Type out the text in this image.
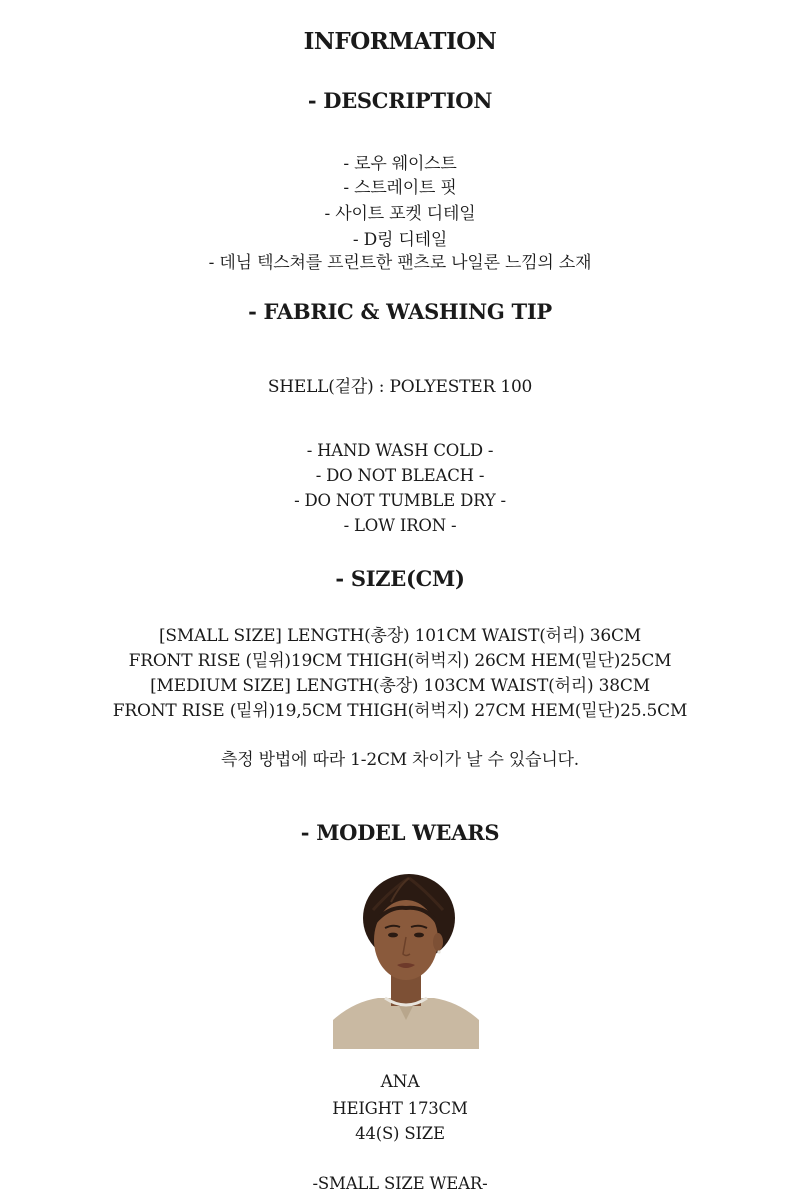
INFORMATION
- DESCRIPTION
- 로우 웨이스트
- 스트레이트 핏
- 사이트 포켓 디테일
- D링 디테일
- 데님 텍스쳐를 프린트한 팬츠로 나일론 느낌의 소재
- FABRIC & WASHING TIP
SHELL(겉감) : POLYESTER 100
- HAND WASH COLD -
- DO NOT BLEACH -
- DO NOT TUMBLE DRY -
- LOW IRON -
- SIZE(CM)
[SMALL SIZE] LENGTH(총장) 101CM WAIST(허리) 36CM
FRONT RISE (밑위)19CM THIGH(허벅지) 26CM HEM(밑단)25CM
[MEDIUM SIZE] LENGTH(총장) 103CM WAIST(허리) 38CM
FRONT RISE (밑위)19,5CM THIGH(허벅지) 27CM HEM(밑단)25.5CM
측정 방법에 따라 1-2CM 차이가 날 수 있습니다.
- MODEL WEARS
ANA
HEIGHT 173CM
44(S) SIZE
-SMALL SIZE WEAR-
